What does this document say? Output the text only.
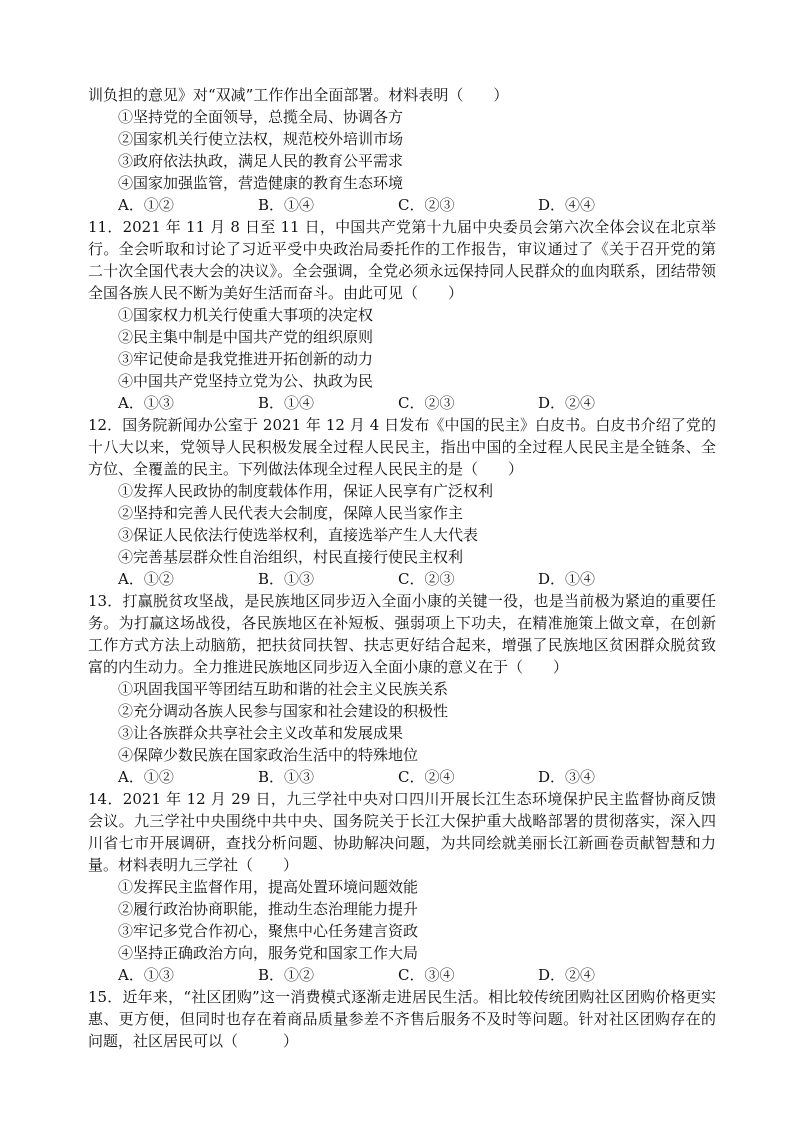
训负担的意见》对“双减”工作作出全面部署。材料表明（　　）

①坚持党的全面领导，总揽全局、协调各方

②国家机关行使立法权，规范校外培训市场

③政府依法执政，满足人民的教育公平需求

④国家加强监管，营造健康的教育生态环境

A．①②	B．①④	C．②③	D．④④

11．2021 年 11 月 8 日至 11 日，中国共产党第十九届中央委员会第六次全体会议在北京举行。全会听取和讨论了习近平受中央政治局委托作的工作报告，审议通过了《关于召开党的第二十次全国代表大会的决议》。全会强调，全党必须永远保持同人民群众的血肉联系，团结带领全国各族人民不断为美好生活而奋斗。由此可见（　　）

①国家权力机关行使重大事项的决定权

②民主集中制是中国共产党的组织原则

③牢记使命是我党推进开拓创新的动力

④中国共产党坚持立党为公、执政为民

A．①③	B．①④	C．②③	D．②④

12．国务院新闻办公室于 2021 年 12 月 4 日发布《中国的民主》白皮书。白皮书介绍了党的十八大以来，党领导人民积极发展全过程人民民主，指出中国的全过程人民民主是全链条、全方位、全覆盖的民主。下列做法体现全过程人民民主的是（　　）

①发挥人民政协的制度载体作用，保证人民享有广泛权利

②坚持和完善人民代表大会制度，保障人民当家作主

③保证人民依法行使选举权利，直接选举产生人大代表

④完善基层群众性自治组织，村民直接行使民主权利

A．①②	B．①③	C．②③	D．①④

13．打赢脱贫攻坚战，是民族地区同步迈入全面小康的关键一役，也是当前极为紧迫的重要任务。为打赢这场战役，各民族地区在补短板、强弱项上下功夫，在精准施策上做文章，在创新工作方式方法上动脑筋，把扶贫同扶智、扶志更好结合起来，增强了民族地区贫困群众脱贫致富的内生动力。全力推进民族地区同步迈入全面小康的意义在于（　　）

①巩固我国平等团结互助和谐的社会主义民族关系

②充分调动各族人民参与国家和社会建设的积极性

③让各族群众共享社会主义改革和发展成果

④保障少数民族在国家政治生活中的特殊地位

A．①②	B．①③	C．②④	D．③④

14．2021 年 12 月 29 日，九三学社中央对口四川开展长江生态环境保护民主监督协商反馈会议。九三学社中央围绕中共中央、国务院关于长江大保护重大战略部署的贯彻落实，深入四川省七市开展调研，查找分析问题、协助解决问题，为共同绘就美丽长江新画卷贡献智慧和力量。材料表明九三学社（　　）

①发挥民主监督作用，提高处置环境问题效能

②履行政治协商职能，推动生态治理能力提升

③牢记多党合作初心，聚焦中心任务建言资政

④坚持正确政治方向，服务党和国家工作大局

A．①③	B．①②	C．③④	D．②④

15．近年来，“社区团购”这一消费模式逐渐走进居民生活。相比较传统团购社区团购价格更实惠、更方便，但同时也存在着商品质量参差不齐售后服务不及时等问题。针对社区团购存在的问题，社区居民可以（　　　）
